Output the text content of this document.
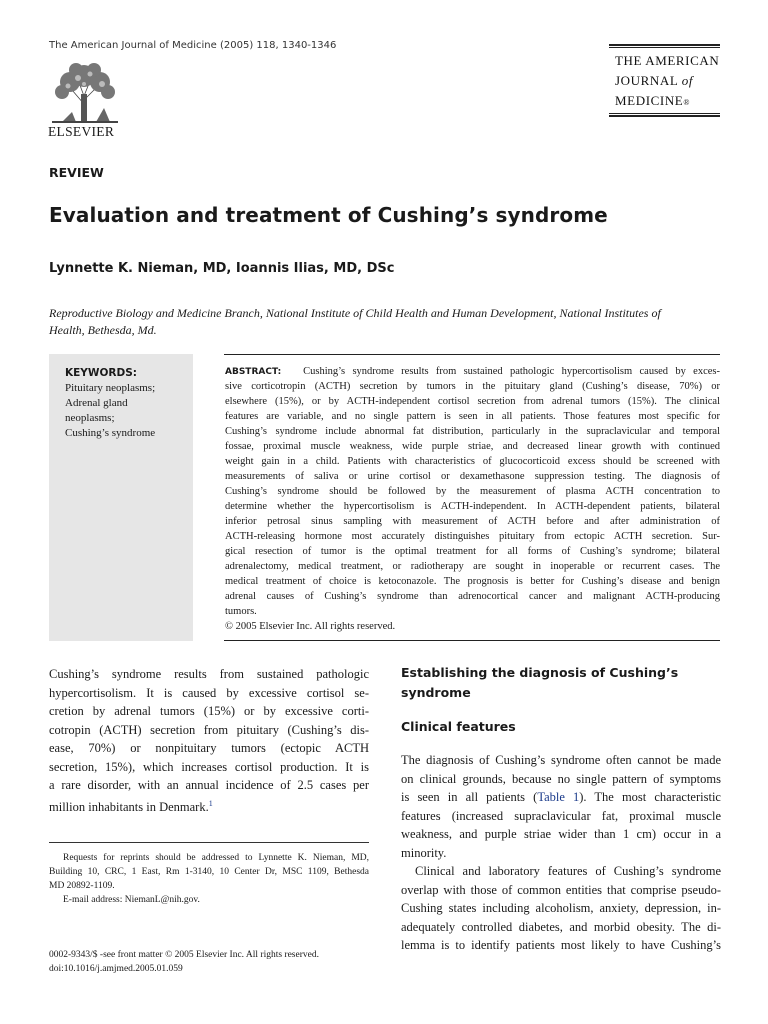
The American Journal of Medicine (2005) 118, 1340-1346
ELSEVIER
THE AMERICAN
JOURNAL of
MEDICINE®
REVIEW
Evaluation and treatment of Cushing’s syndrome
Lynnette K. Nieman, MD, Ioannis Ilias, MD, DSc
Reproductive Biology and Medicine Branch, National Institute of Child Health and Human Development, National Institutes of Health, Bethesda, Md.
KEYWORDS:
Pituitary neoplasms;
Adrenal gland
neoplasms;
Cushing’s syndrome
ABSTRACT: Cushing’s syndrome results from sustained pathologic hypercortisolism caused by exces-
sive corticotropin (ACTH) secretion by tumors in the pituitary gland (Cushing’s disease, 70%) or
elsewhere (15%), or by ACTH-independent cortisol secretion from adrenal tumors (15%). The clinical
features are variable, and no single pattern is seen in all patients. Those features most specific for
Cushing’s syndrome include abnormal fat distribution, particularly in the supraclavicular and temporal
fossae, proximal muscle weakness, wide purple striae, and decreased linear growth with continued
weight gain in a child. Patients with characteristics of glucocorticoid excess should be screened with
measurements of saliva or urine cortisol or dexamethasone suppression testing. The diagnosis of
Cushing’s syndrome should be followed by the measurement of plasma ACTH concentration to
determine whether the hypercortisolism is ACTH-independent. In ACTH-dependent patients, bilateral
inferior petrosal sinus sampling with measurement of ACTH before and after administration of
ACTH-releasing hormone most accurately distinguishes pituitary from ectopic ACTH secretion. Sur-
gical resection of tumor is the optimal treatment for all forms of Cushing’s syndrome; bilateral
adrenalectomy, medical treatment, or radiotherapy are sought in inoperable or recurrent cases. The
medical treatment of choice is ketoconazole. The prognosis is better for Cushing’s disease and benign
adrenal causes of Cushing’s syndrome than adrenocortical cancer and malignant ACTH-producing
tumors.
© 2005 Elsevier Inc. All rights reserved.
Cushing’s syndrome results from sustained pathologic
hypercortisolism. It is caused by excessive cortisol se-
cretion by adrenal tumors (15%) or by excessive corti-
cotropin (ACTH) secretion from pituitary (Cushing’s dis-
ease, 70%) or nonpituitary tumors (ectopic ACTH
secretion, 15%), which increases cortisol production. It is
a rare disorder, with an annual incidence of 2.5 cases per
million inhabitants in Denmark.$^1$
Requests for reprints should be addressed to Lynnette K. Nieman, MD,
Building 10, CRC, 1 East, Rm 1-3140, 10 Center Dr, MSC 1109, Bethesda
MD 20892-1109.
E-mail address: NiemanL@nih.gov.
0002-9343/$ -see front matter © 2005 Elsevier Inc. All rights reserved.
doi:10.1016/j.amjmed.2005.01.059
Establishing the diagnosis of Cushing’s
syndrome
Clinical features
The diagnosis of Cushing’s syndrome often cannot be made
on clinical grounds, because no single pattern of symptoms
is seen in all patients (Table 1). The most characteristic
features (increased supraclavicular fat, proximal muscle
weakness, and purple striae wider than 1 cm) occur in a
minority.
Clinical and laboratory features of Cushing’s syndrome
overlap with those of common entities that comprise pseudo-
Cushing states including alcoholism, anxiety, depression, in-
adequately controlled diabetes, and morbid obesity. The di-
lemma is to identify patients most likely to have Cushing’s
